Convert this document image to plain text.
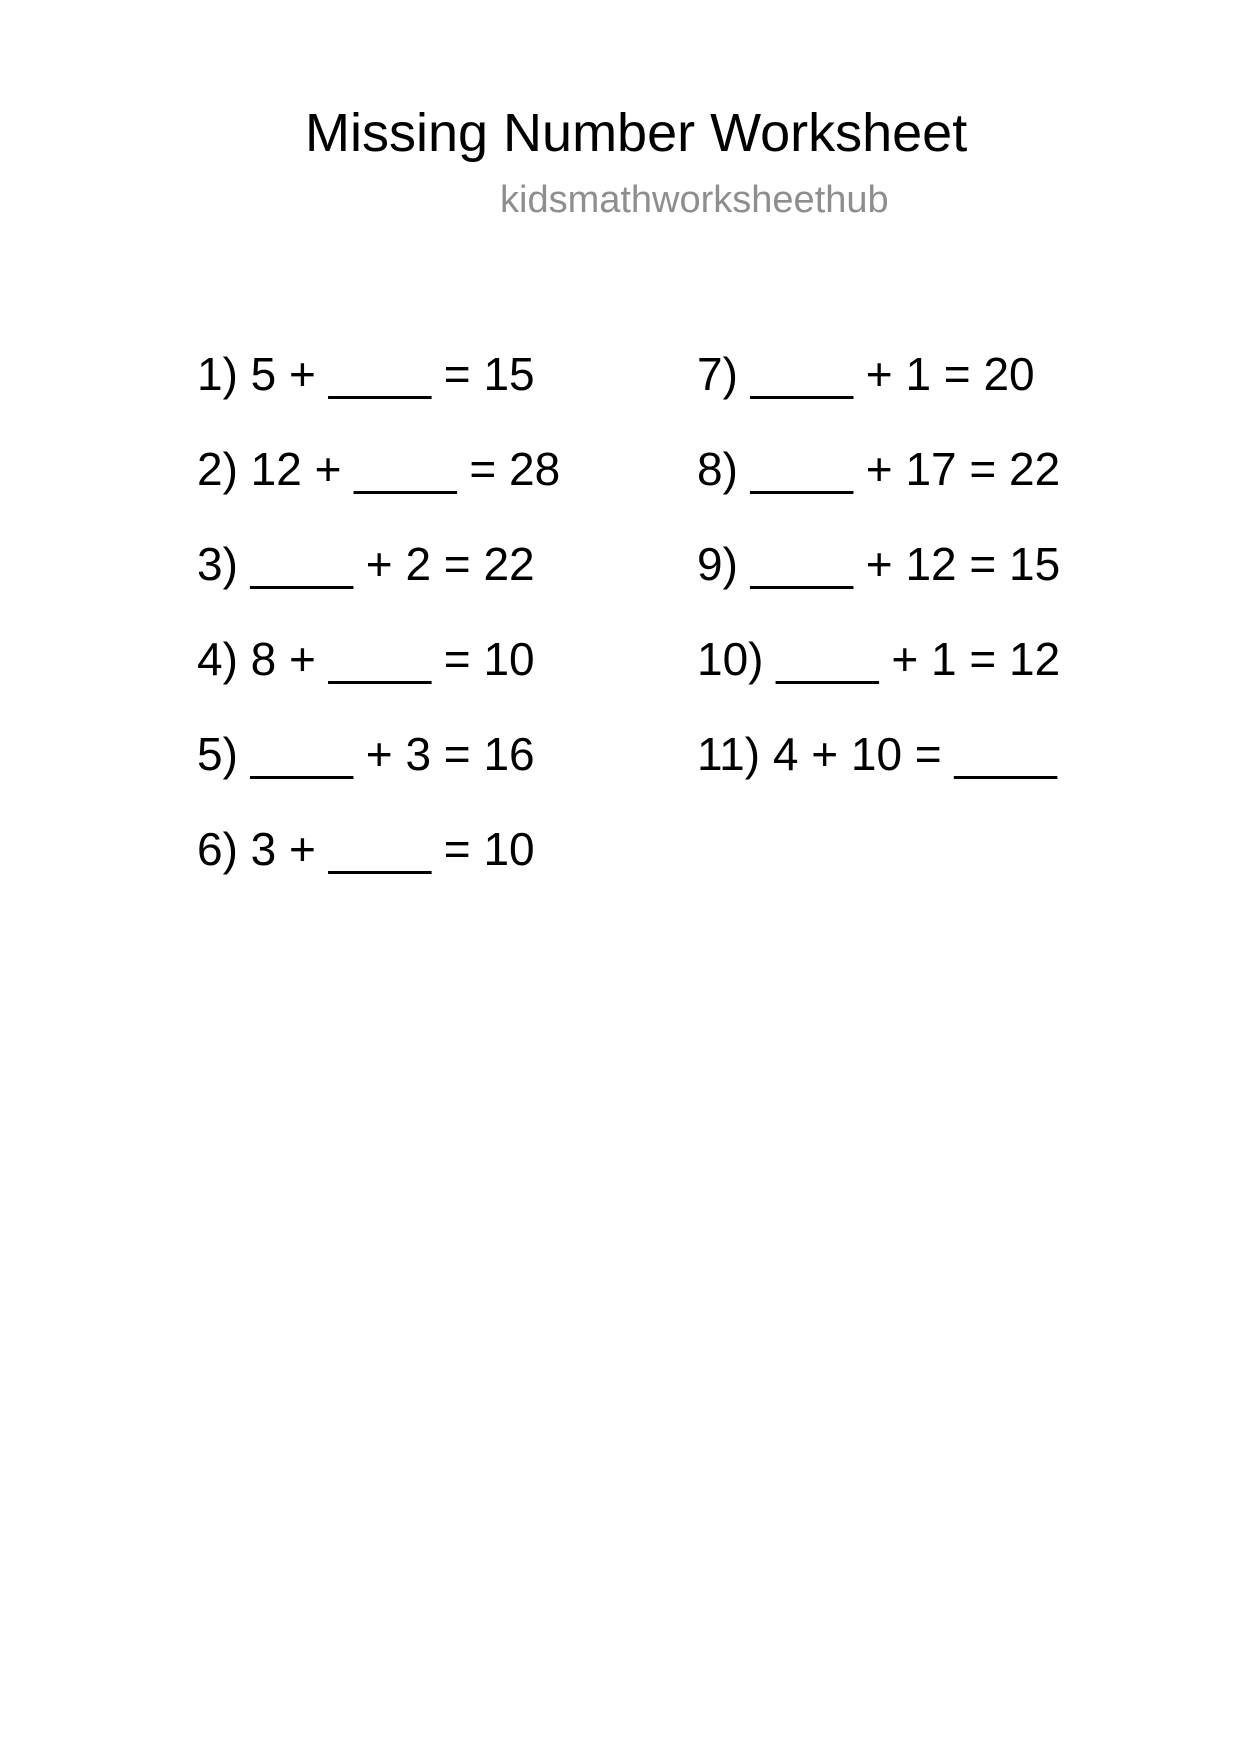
Missing Number Worksheet
kidsmathworksheethub
1) 5 + ____ = 15
2) 12 + ____ = 28
3) ____ + 2 = 22
4) 8 + ____ = 10
5) ____ + 3 = 16
6) 3 + ____ = 10
7) ____ + 1 = 20
8) ____ + 17 = 22
9) ____ + 12 = 15
10) ____ + 1 = 12
11) 4 + 10 = ____
